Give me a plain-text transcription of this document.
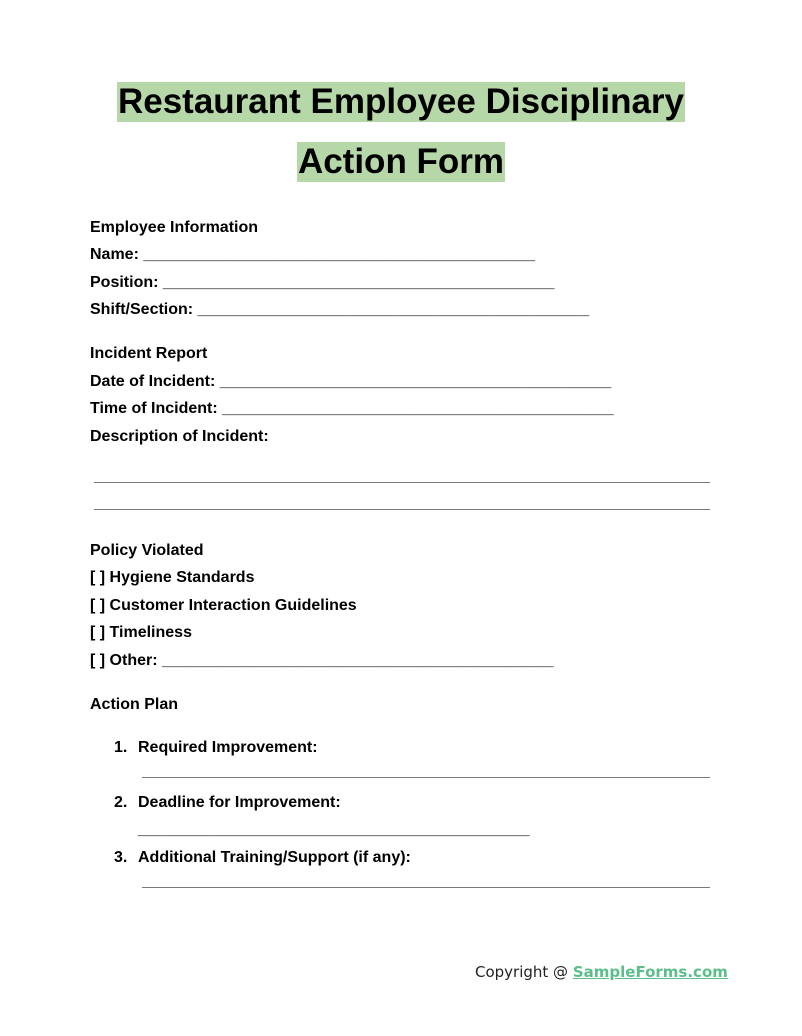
Restaurant Employee Disciplinary
Action Form
Employee Information
Name: ____________________________________________
Position: ____________________________________________
Shift/Section: ____________________________________________
Incident Report
Date of Incident: ____________________________________________
Time of Incident: ____________________________________________
Description of Incident:
Policy Violated
[ ] Hygiene Standards
[ ] Customer Interaction Guidelines
[ ] Timeliness
[ ] Other: ____________________________________________
Action Plan
1. Required Improvement:
2. Deadline for Improvement:
____________________________________________
3. Additional Training/Support (if any):
Copyright @ SampleForms.com
